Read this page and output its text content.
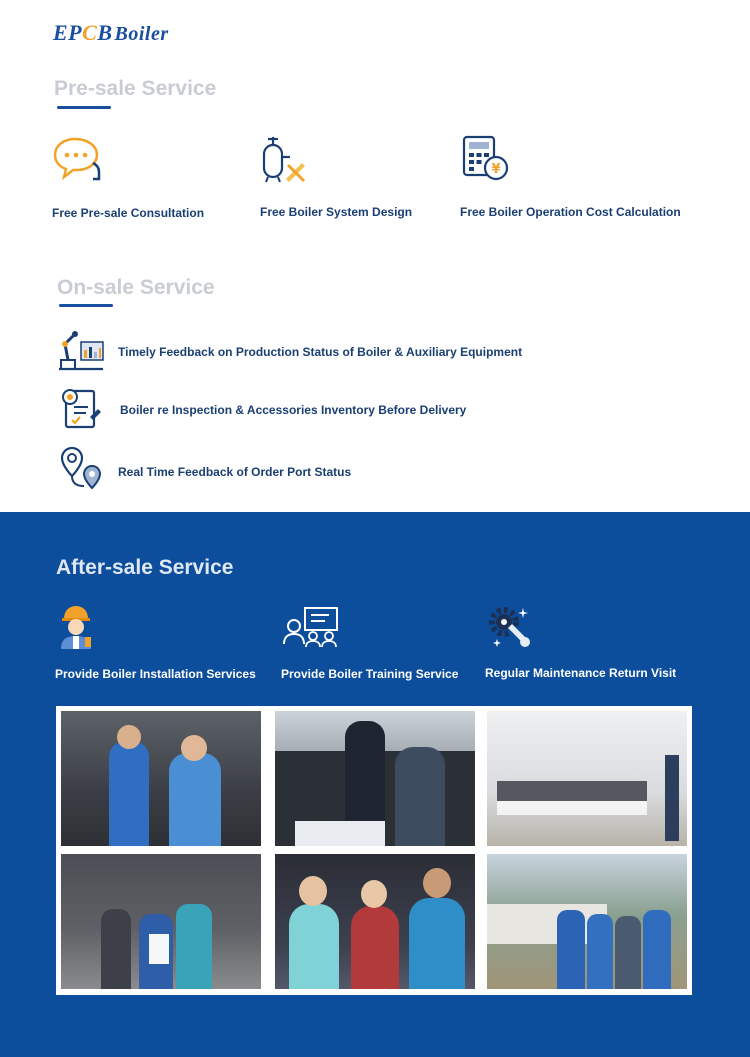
EPCB Boiler
Pre-sale Service
Free Pre-sale Consultation	Free Boiler System Design
¥
Free Boiler Operation Cost Calculation
On-sale Service
Timely Feedback on Production Status of Boiler & Auxiliary Equipment
Boiler re Inspection & Accessories Inventory Before Delivery
Real Time Feedback of Order Port Status
After-sale Service
Provide Boiler Installation Services Provide Boiler Training Service Regular Maintenance Return Visit
